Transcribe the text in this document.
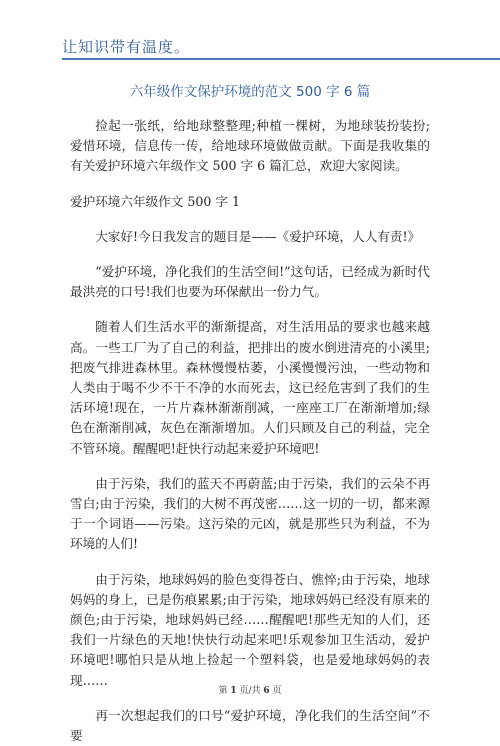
让知识带有温度。
六年级作文保护环境的范文 500 字 6 篇

捡起一张纸，给地球整整理;种植一棵树，为地球装扮装扮;爱惜环境，信息传一传，给地球环境做做贡献。下面是我收集的有关爱护环境六年级作文 500 字 6 篇汇总，欢迎大家阅读。

爱护环境六年级作文 500 字 1

大家好!今日我发言的题目是——《爱护环境，人人有责!》

“爱护环境，净化我们的生活空间!”这句话，已经成为新时代最洪亮的口号!我们也要为环保献出一份力气。

随着人们生活水平的渐渐提高，对生活用品的要求也越来越高。一些工厂为了自己的利益，把排出的废水倒进清亮的小溪里;把废气排进森林里。森林慢慢枯萎，小溪慢慢污浊，一些动物和人类由于喝不少不干不净的水而死去，这已经危害到了我们的生活环境!现在，一片片森林渐渐削减，一座座工厂在渐渐增加;绿色在渐渐削减，灰色在渐渐增加。人们只顾及自己的利益，完全不管环境。醒醒吧!赶快行动起来爱护环境吧!

由于污染，我们的蓝天不再蔚蓝;由于污染，我们的云朵不再雪白;由于污染，我们的大树不再茂密……这一切的一切，都来源于一个词语——污染。这污染的元凶，就是那些只为利益，不为环境的人们!

由于污染，地球妈妈的脸色变得苍白、憔悴;由于污染，地球妈妈的身上，已是伤痕累累;由于污染，地球妈妈已经没有原来的颜色;由于污染，地球妈妈已经……醒醒吧!那些无知的人们，还我们一片绿色的天地!快快行动起来吧!乐观参加卫生活动，爱护环境吧!哪怕只是从地上捡起一个塑料袋，也是爱地球妈妈的表现……

再一次想起我们的口号“爱护环境，净化我们的生活空间”不要

第 1 页/共 6 页
